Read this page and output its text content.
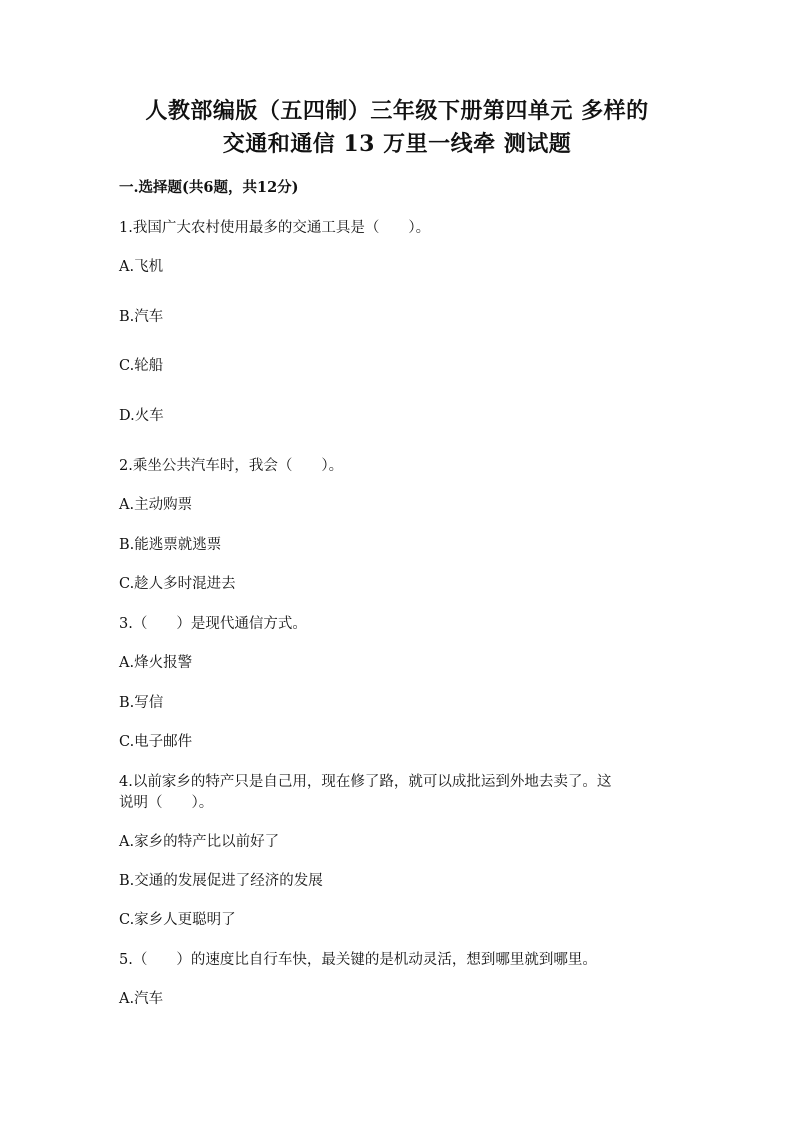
人教部编版（五四制）三年级下册第四单元 多样的
交通和通信 13 万里一线牵 测试题
一.选择题(共6题，共12分)
1.我国广大农村使用最多的交通工具是（　　）。
A.飞机
B.汽车
C.轮船
D.火车
2.乘坐公共汽车时，我会（　　）。
A.主动购票
B.能逃票就逃票
C.趁人多时混进去
3.（　　）是现代通信方式。
A.烽火报警
B.写信
C.电子邮件
4.以前家乡的特产只是自己用，现在修了路，就可以成批运到外地去卖了。这
说明（　　）。
A.家乡的特产比以前好了
B.交通的发展促进了经济的发展
C.家乡人更聪明了
5.（　　）的速度比自行车快，最关键的是机动灵活，想到哪里就到哪里。
A.汽车
